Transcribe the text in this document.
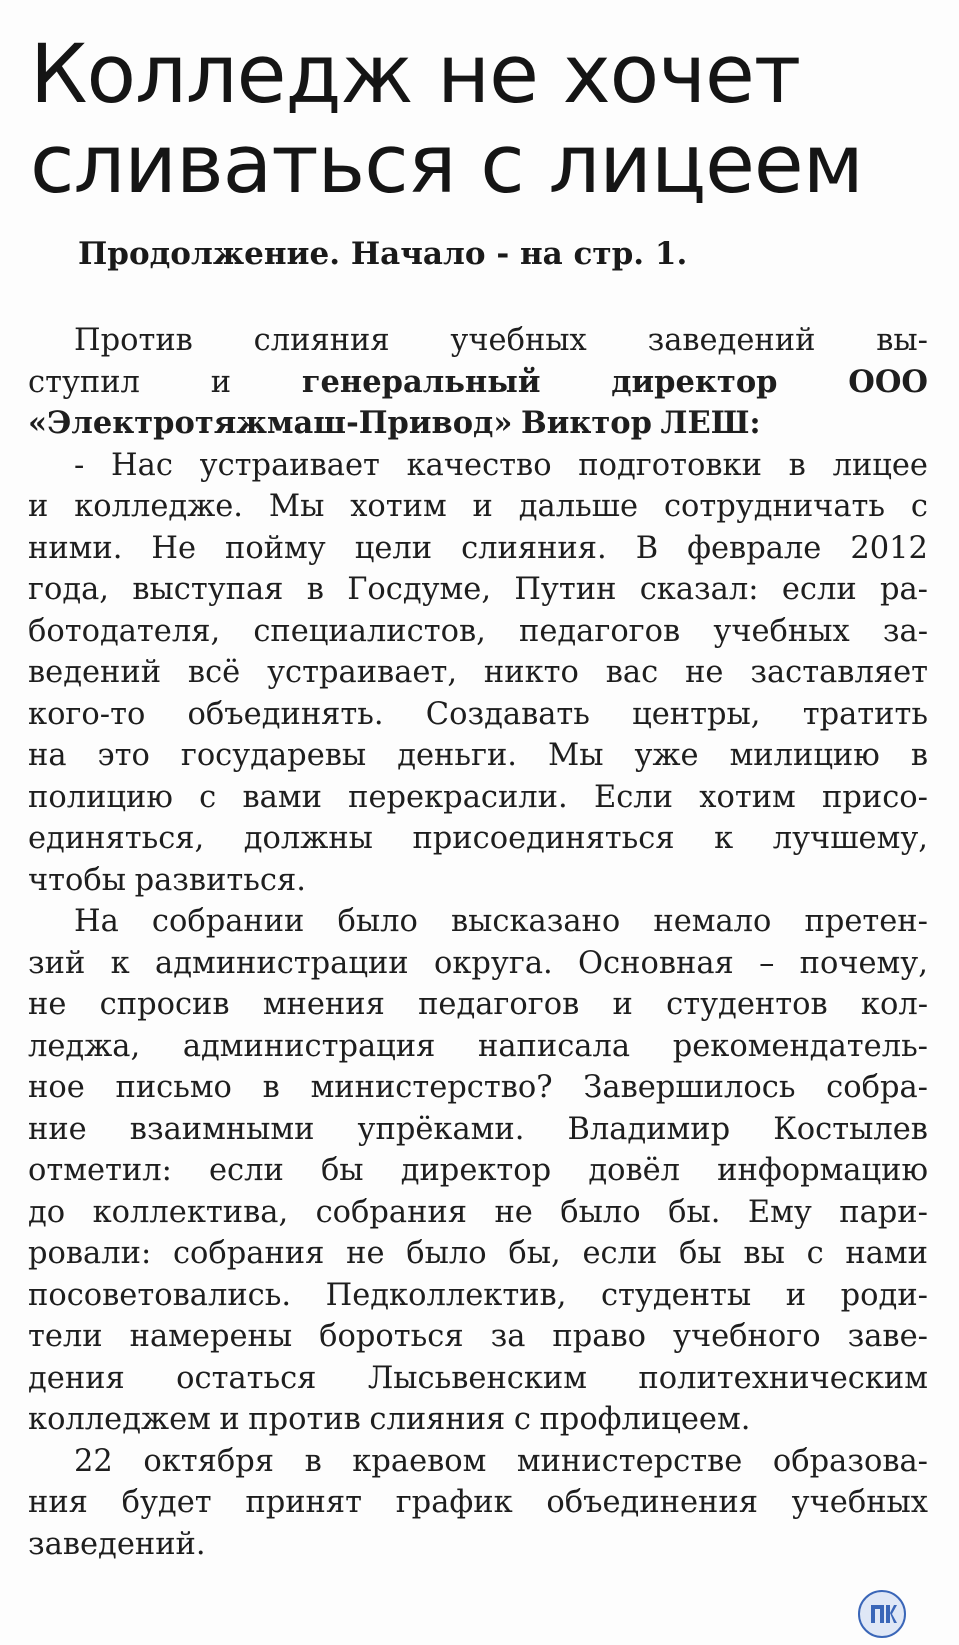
Колледж не хочет
сливаться с лицеем

Продолжение. Начало - на стр. 1.

Против слияния учебных заведений вы-
ступил и генеральный директор ООО
«Электротяжмаш-Привод» Виктор ЛЕШ:
- Нас устраивает качество подготовки в лицее
и колледже. Мы хотим и дальше сотрудничать с
ними. Не пойму цели слияния. В феврале 2012
года, выступая в Госдуме, Путин сказал: если ра-
ботодателя, специалистов, педагогов учебных за-
ведений всё устраивает, никто вас не заставляет
кого-то объединять. Создавать центры, тратить
на это государевы деньги. Мы уже милицию в
полицию с вами перекрасили. Если хотим присо-
единяться, должны присоединяться к лучшему,
чтобы развиться.
На собрании было высказано немало претен-
зий к администрации округа. Основная – почему,
не спросив мнения педагогов и студентов кол-
леджа, администрация написала рекомендатель-
ное письмо в министерство? Завершилось собра-
ние взаимными упрёками. Владимир Костылев
отметил: если бы директор довёл информацию
до коллектива, собрания не было бы. Ему пари-
ровали: собрания не было бы, если бы вы с нами
посоветовались. Педколлектив, студенты и роди-
тели намерены бороться за право учебного заве-
дения остаться Лысьвенским политехническим
колледжем и против слияния с профлицеем.
22 октября в краевом министерстве образова-
ния будет принят график объединения учебных
заведений.
